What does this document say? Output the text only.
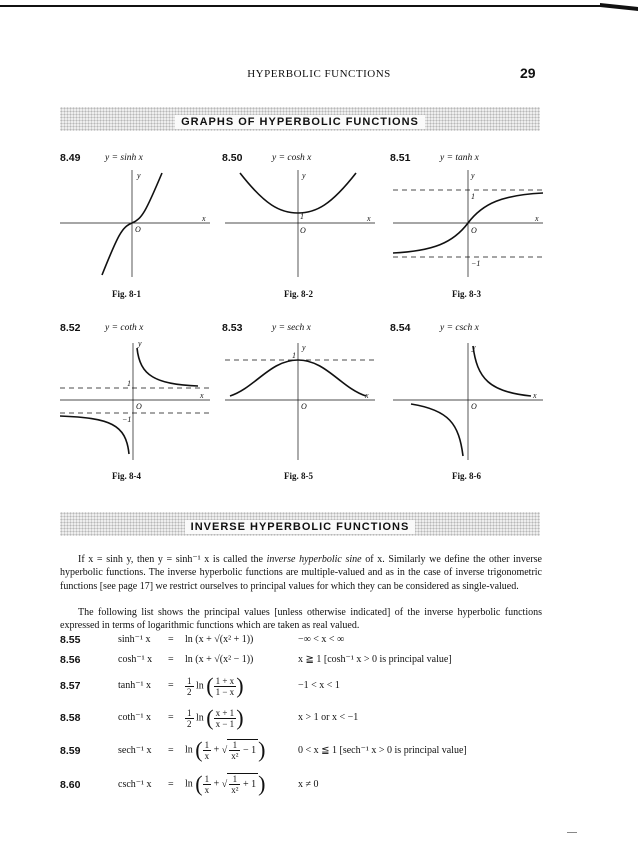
HYPERBOLIC FUNCTIONS	29
GRAPHS OF HYPERBOLIC FUNCTIONS
8.49	y = sinh x	8.50	y = cosh x	8.51	y = tanh x
y
x
O
Fig. 8-1
y
x
O
1
Fig. 8-2
y
x
O
1
−1
Fig. 8-3
8.52	y = coth x	8.53	y = sech x	8.54	y = csch x
y
x
O
1
−1
Fig. 8-4
y
x
O
1
Fig. 8-5
y
x
O
Fig. 8-6
INVERSE HYPERBOLIC FUNCTIONS
If x = sinh y, then y = sinh⁻¹ x is called the inverse hyperbolic sine of x. Similarly we define the other inverse hyperbolic functions. The inverse hyperbolic functions are multiple-valued and as in the case of inverse trigonometric functions [see page 17] we restrict ourselves to principal values for which they can be considered as single-valued.
The following list shows the principal values [unless otherwise indicated] of the inverse hyperbolic functions expressed in terms of logarithmic functions which are taken as real valued.
8.55	sinh⁻¹ x	= ln (x + √(x² + 1))	−∞ < x < ∞
8.56	cosh⁻¹ x	= ln (x + √(x² − 1))	x ≧ 1 [cosh⁻¹ x > 0 is principal value]
8.57	tanh⁻¹ x	= $\frac{1}{2}$ ln ( $\frac{1 + x}{1 - x}$ )	−1 < x < 1
8.58	coth⁻¹ x	= $\frac{1}{2}$ ln ( $\frac{x + 1}{x - 1}$ )	x > 1 or x < −1
8.59	sech⁻¹ x	= ln ( $\frac{1}{x}$ + √ $\frac{1}{\text{x²}} - 1$)	0 < x ≦ 1 [sech⁻¹ x > 0 is principal value]
8.60	csch⁻¹ x	= ln ( $\frac{1}{x}$ + √ $\frac{1}{\text{x²}} + 1$)	x ≠ 0
